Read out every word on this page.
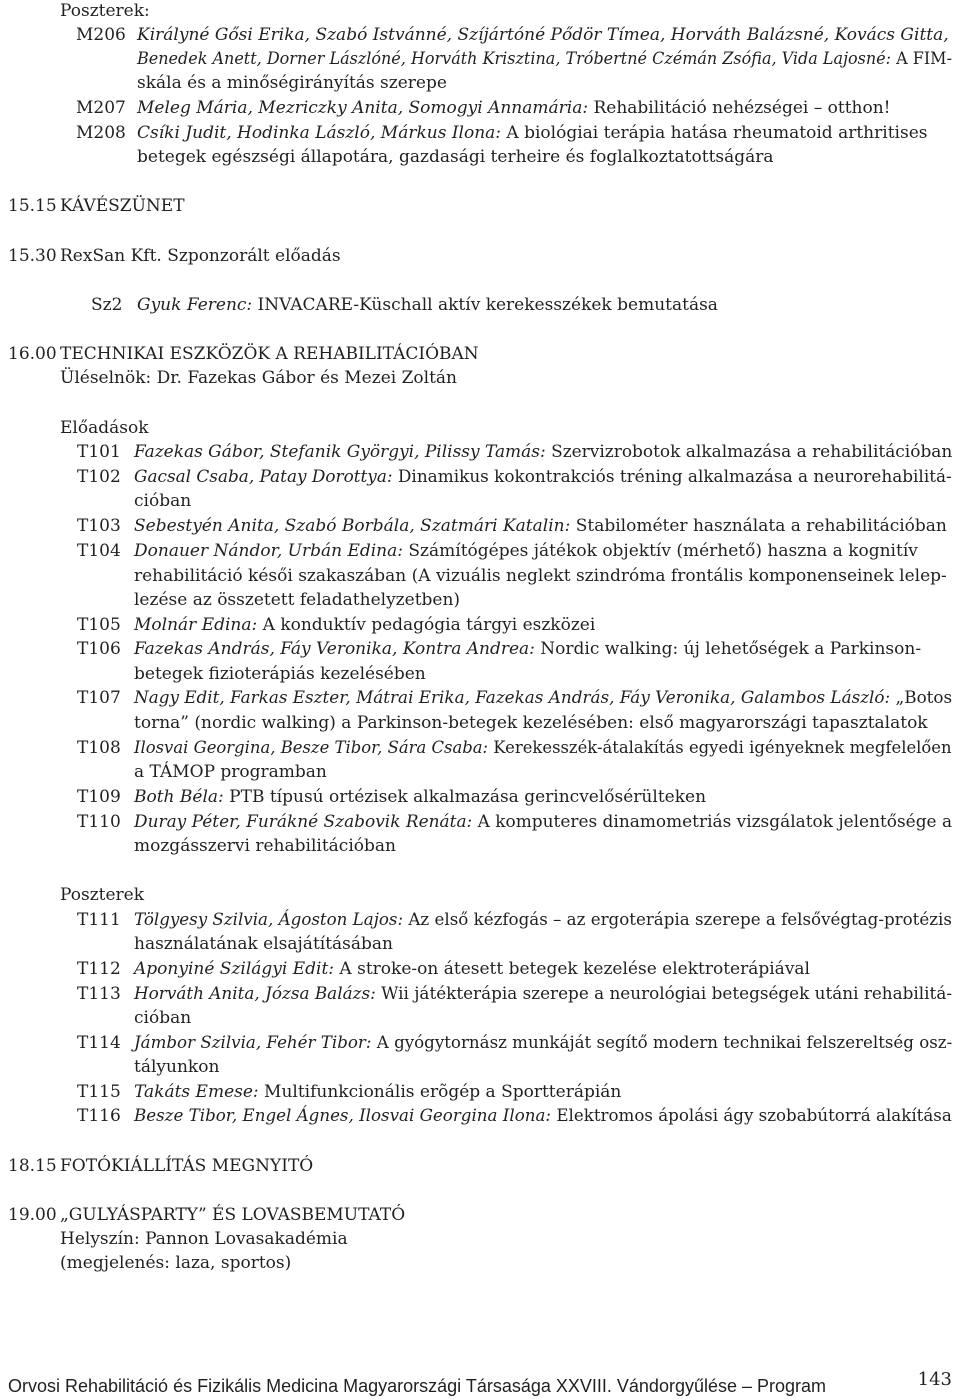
Poszterek:
M206 Királyné Gősi Erika, Szabó Istvánné, Szíjártóné Pődör Tímea, Horváth Balázsné, Kovács Gitta,
Benedek Anett, Dorner Lászlóné, Horváth Krisztina, Tróbertné Czémán Zsófia, Vida Lajosné: A FIM-
skála és a minőségirányítás szerepe
M207 Meleg Mária, Mezriczky Anita, Somogyi Annamária: Rehabilitáció nehézségei – otthon!
M208 Csíki Judit, Hodinka László, Márkus Ilona: A biológiai terápia hatása rheumatoid arthritises
betegek egészségi állapotára, gazdasági terheire és foglalkoztatottságára
15.15 KÁVÉSZÜNET
15.30 RexSan Kft. Szponzorált előadás
Sz2 Gyuk Ferenc: INVACARE-Küschall aktív kerekesszékek bemutatása
16.00 TECHNIKAI ESZKÖZÖK A REHABILITÁCIÓBAN
Üléselnök: Dr. Fazekas Gábor és Mezei Zoltán
Előadások
T101 Fazekas Gábor, Stefanik Györgyi, Pilissy Tamás: Szervizrobotok alkalmazása a rehabilitációban
T102 Gacsal Csaba, Patay Dorottya: Dinamikus kokontrakciós tréning alkalmazása a neurorehabilitá-
cióban
T103 Sebestyén Anita, Szabó Borbála, Szatmári Katalin: Stabilométer használata a rehabilitációban
T104 Donauer Nándor, Urbán Edina: Számítógépes játékok objektív (mérhető) haszna a kognitív
rehabilitáció késői szakaszában (A vizuális neglekt szindróma frontális komponenseinek lelep-
lezése az összetett feladathelyzetben)
T105 Molnár Edina: A konduktív pedagógia tárgyi eszközei
T106 Fazekas András, Fáy Veronika, Kontra Andrea: Nordic walking: új lehetőségek a Parkinson-
betegek fizioterápiás kezelésében
T107 Nagy Edit, Farkas Eszter, Mátrai Erika, Fazekas András, Fáy Veronika, Galambos László: „Botos
torna” (nordic walking) a Parkinson-betegek kezelésében: első magyarországi tapasztalatok
T108 Ilosvai Georgina, Besze Tibor, Sára Csaba: Kerekesszék-átalakítás egyedi igényeknek megfelelően
a TÁMOP programban
T109 Both Béla: PTB típusú ortézisek alkalmazása gerincvelősérülteken
T110 Duray Péter, Furákné Szabovik Renáta: A komputeres dinamometriás vizsgálatok jelentősége a
mozgásszervi rehabilitációban
Poszterek
T111 Tölgyesy Szilvia, Ágoston Lajos: Az első kézfogás – az ergoterápia szerepe a felsővégtag-protézis
használatának elsajátításában
T112 Aponyiné Szilágyi Edit: A stroke-on átesett betegek kezelése elektroterápiával
T113 Horváth Anita, Józsa Balázs: Wii játékterápia szerepe a neurológiai betegségek utáni rehabilitá-
cióban
T114 Jámbor Szilvia, Fehér Tibor: A gyógytornász munkáját segítő modern technikai felszereltség osz-
tályunkon
T115 Takáts Emese: Multifunkcionális erõgép a Sportterápián
T116 Besze Tibor, Engel Ágnes, Ilosvai Georgina Ilona: Elektromos ápolási ágy szobabútorrá alakítása
18.15 FOTÓKIÁLLÍTÁS MEGNYITÓ
19.00 „GULYÁSPARTY” ÉS LOVASBEMUTATÓ
Helyszín: Pannon Lovasakadémia
(megjelenés: laza, sportos)
Orvosi Rehabilitáció és Fizikális Medicina Magyarországi Társasága XXVIII. Vándorgyűlése – Program	143
